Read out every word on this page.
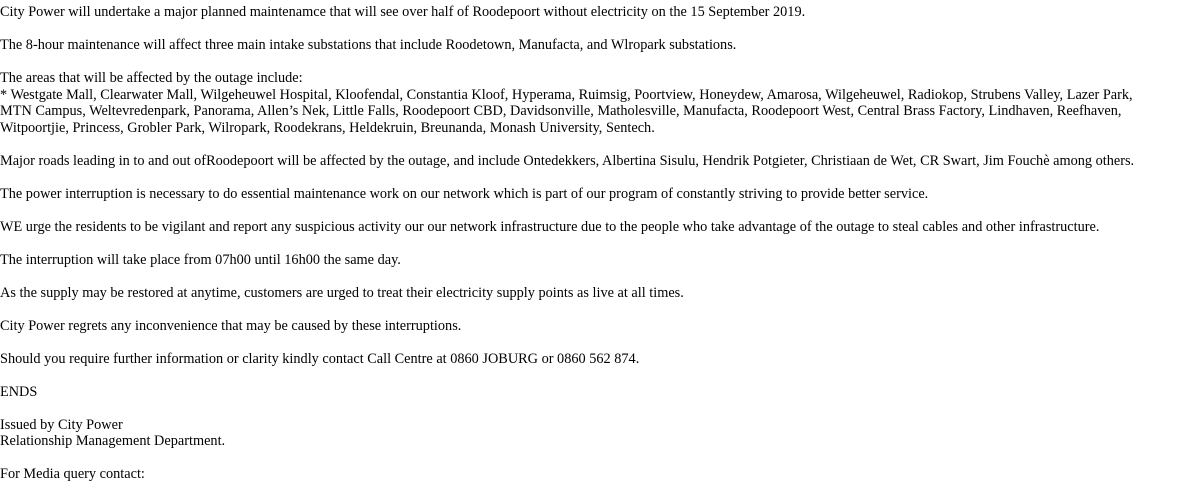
City Power will undertake a major planned maintenamce that will see over half of Roodepoort without electricity on the 15 September 2019.

The 8-hour maintenance will affect three main intake substations that include Roodetown, Manufacta, and Wlropark substations.

The areas that will be affected by the outage include:
* Westgate Mall, Clearwater Mall, Wilgeheuwel Hospital, Kloofendal, Constantia Kloof, Hyperama, Ruimsig, Poortview, Honeydew, Amarosa, Wilgeheuwel, Radiokop, Strubens Valley, Lazer Park,
MTN Campus, Weltevredenpark, Panorama, Allen’s Nek, Little Falls, Roodepoort CBD, Davidsonville, Matholesville, Manufacta, Roodepoort West, Central Brass Factory, Lindhaven, Reefhaven,
Witpoortjie, Princess, Grobler Park, Wilropark, Roodekrans, Heldekruin, Breunanda, Monash University, Sentech.

Major roads leading in to and out ofRoodepoort will be affected by the outage, and include Ontedekkers, Albertina Sisulu, Hendrik Potgieter, Christiaan de Wet, CR Swart, Jim Fouchè among others.

The power interruption is necessary to do essential maintenance work on our network which is part of our program of constantly striving to provide better service.

WE urge the residents to be vigilant and report any suspicious activity our our network infrastructure due to the people who take advantage of the outage to steal cables and other infrastructure.

The interruption will take place from 07h00 until 16h00 the same day.

As the supply may be restored at anytime, customers are urged to treat their electricity supply points as live at all times.

City Power regrets any inconvenience that may be caused by these interruptions.

Should you require further information or clarity kindly contact Call Centre at 0860 JOBURG or 0860 562 874.

ENDS

Issued by City Power
Relationship Management Department.

For Media query contact:
